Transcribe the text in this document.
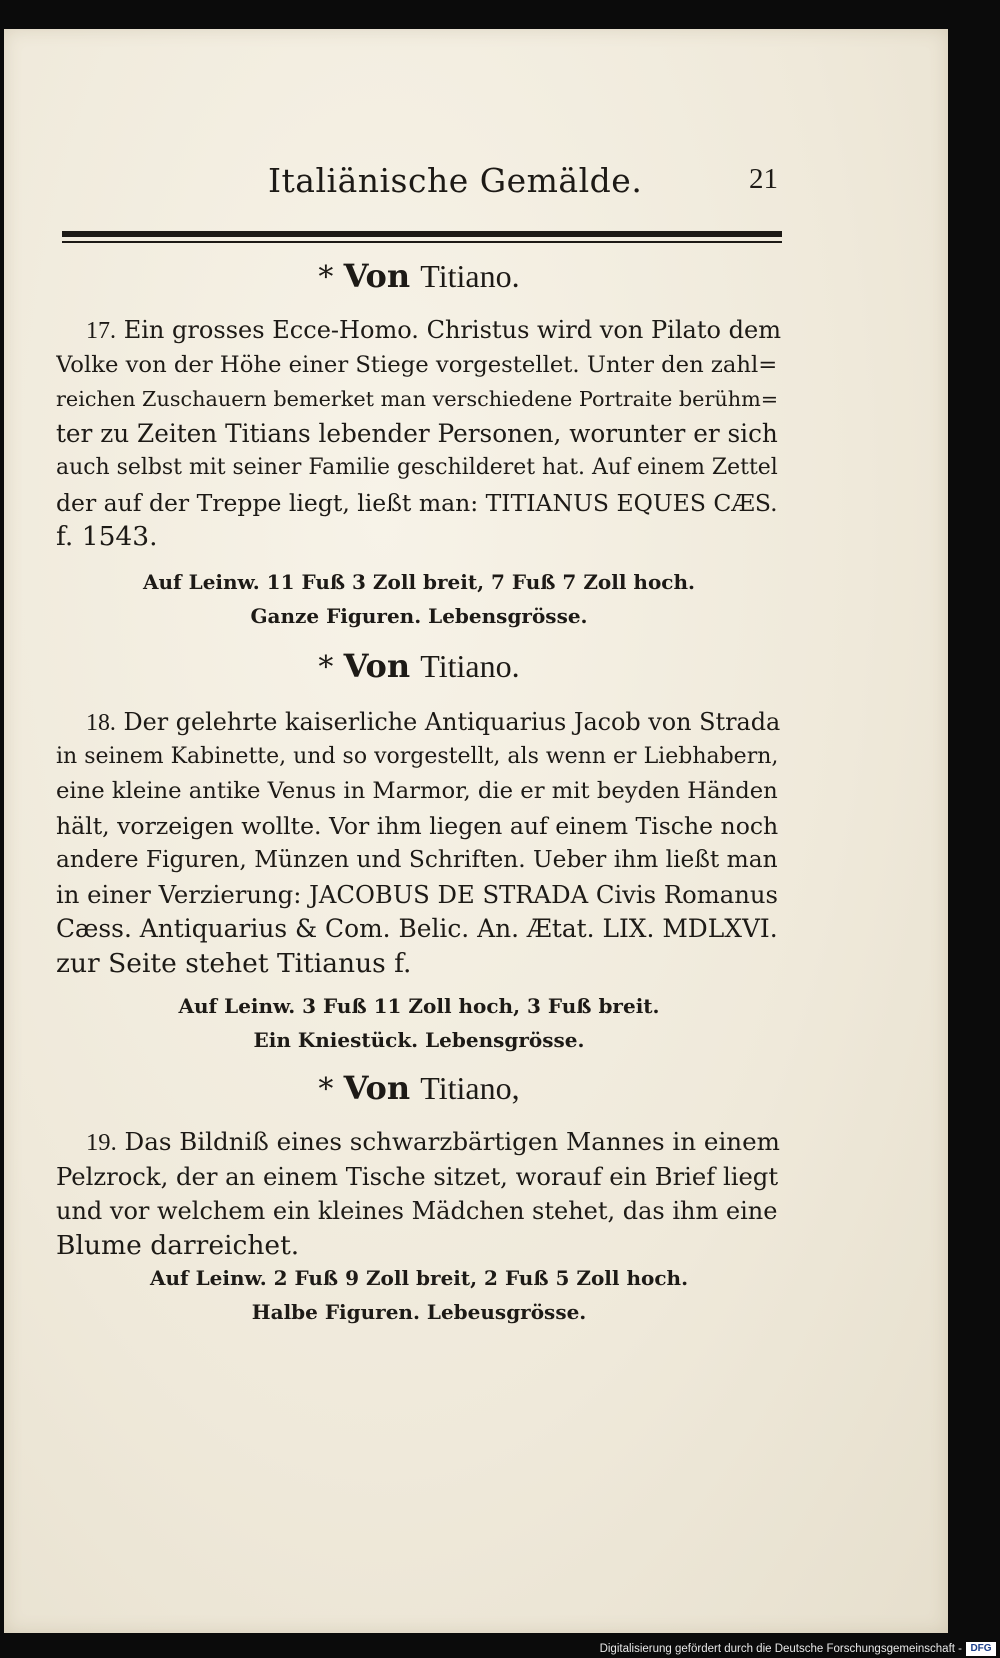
Italiänische Gemälde.	21
* Von Titiano.
17. Ein grosses Ecce-Homo. Christus wird von Pilato dem
Volke von der Höhe einer Stiege vorgestellet. Unter den zahl=
reichen Zuschauern bemerket man verschiedene Portraite berühm=
ter zu Zeiten Titians lebender Personen, worunter er sich
auch selbst mit seiner Familie geschilderet hat. Auf einem Zettel
der auf der Treppe liegt, ließt man: TITIANUS EQUES CÆS.
f. 1543.
Auf Leinw. 11 Fuß 3 Zoll breit, 7 Fuß 7 Zoll hoch.
Ganze Figuren. Lebensgrösse.
* Von Titiano.
18. Der gelehrte kaiserliche Antiquarius Jacob von Strada
in seinem Kabinette, und so vorgestellt, als wenn er Liebhabern,
eine kleine antike Venus in Marmor, die er mit beyden Händen
hält, vorzeigen wollte. Vor ihm liegen auf einem Tische noch
andere Figuren, Münzen und Schriften. Ueber ihm ließt man
in einer Verzierung: JACOBUS DE STRADA Civis Romanus
Cæss. Antiquarius & Com. Belic. An. Ætat. LIX. MDLXVI.
zur Seite stehet Titianus f.
Auf Leinw. 3 Fuß 11 Zoll hoch, 3 Fuß breit.
Ein Kniestück. Lebensgrösse.
* Von Titiano,
19. Das Bildniß eines schwarzbärtigen Mannes in einem
Pelzrock, der an einem Tische sitzet, worauf ein Brief liegt
und vor welchem ein kleines Mädchen stehet, das ihm eine
Blume darreichet.
Auf Leinw. 2 Fuß 9 Zoll breit, 2 Fuß 5 Zoll hoch.
Halbe Figuren. Lebeusgrösse.
Digitalisierung gefördert durch die Deutsche Forschungsgemeinschaft - DFG
